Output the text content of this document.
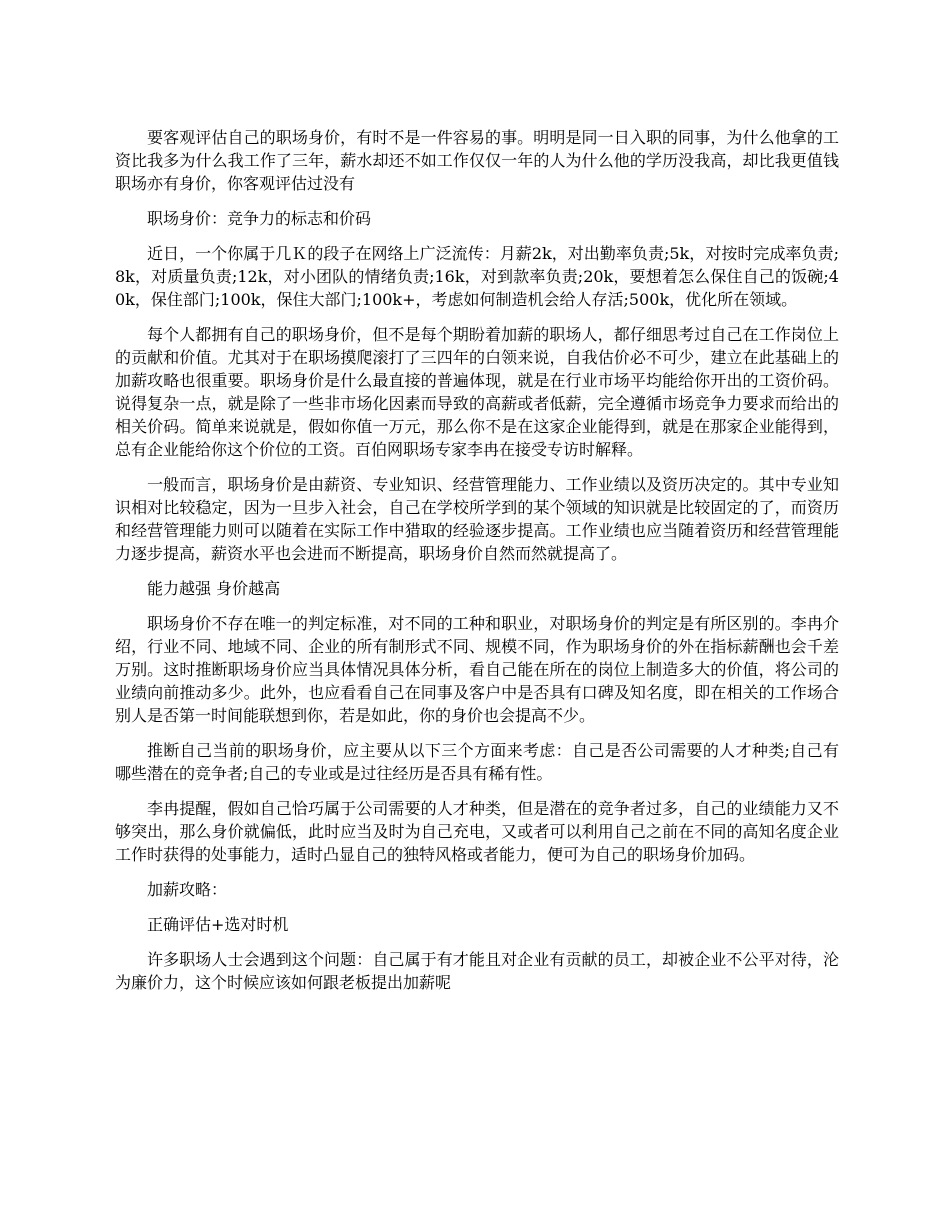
要客观评估自己的职场身价，有时不是一件容易的事。明明是同一日入职的同事，为什么他拿的工资比我多为什么我工作了三年，薪水却还不如工作仅仅一年的人为什么他的学历没我高，却比我更值钱职场亦有身价，你客观评估过没有

职场身价：竞争力的标志和价码

近日，一个你属于几Ｋ的段子在网络上广泛流传：月薪2k，对出勤率负责;5k，对按时完成率负责;8k，对质量负责;12k，对小团队的情绪负责;16k，对到款率负责;20k，要想着怎么保住自己的饭碗;40k，保住部门;100k，保住大部门;100k+，考虑如何制造机会给人存活;500k，优化所在领域。

每个人都拥有自己的职场身价，但不是每个期盼着加薪的职场人，都仔细思考过自己在工作岗位上的贡献和价值。尤其对于在职场摸爬滚打了三四年的白领来说，自我估价必不可少，建立在此基础上的加薪攻略也很重要。职场身价是什么最直接的普遍体现，就是在行业市场平均能给你开出的工资价码。说得复杂一点，就是除了一些非市场化因素而导致的高薪或者低薪，完全遵循市场竞争力要求而给出的相关价码。简单来说就是，假如你值一万元，那么你不是在这家企业能得到，就是在那家企业能得到，总有企业能给你这个价位的工资。百伯网职场专家李冉在接受专访时解释。

一般而言，职场身价是由薪资、专业知识、经营管理能力、工作业绩以及资历决定的。其中专业知识相对比较稳定，因为一旦步入社会，自己在学校所学到的某个领域的知识就是比较固定的了，而资历和经营管理能力则可以随着在实际工作中猎取的经验逐步提高。工作业绩也应当随着资历和经营管理能力逐步提高，薪资水平也会进而不断提高，职场身价自然而然就提高了。

能力越强 身价越高

职场身价不存在唯一的判定标准，对不同的工种和职业，对职场身价的判定是有所区别的。李冉介绍，行业不同、地域不同、企业的所有制形式不同、规模不同，作为职场身价的外在指标薪酬也会千差万别。这时推断职场身价应当具体情况具体分析，看自己能在所在的岗位上制造多大的价值，将公司的业绩向前推动多少。此外，也应看看自己在同事及客户中是否具有口碑及知名度，即在相关的工作场合别人是否第一时间能联想到你，若是如此，你的身价也会提高不少。

推断自己当前的职场身价，应主要从以下三个方面来考虑：自己是否公司需要的人才种类;自己有哪些潜在的竞争者;自己的专业或是过往经历是否具有稀有性。

李冉提醒，假如自己恰巧属于公司需要的人才种类，但是潜在的竞争者过多，自己的业绩能力又不够突出，那么身价就偏低，此时应当及时为自己充电，又或者可以利用自己之前在不同的高知名度企业工作时获得的处事能力，适时凸显自己的独特风格或者能力，便可为自己的职场身价加码。

加薪攻略：

正确评估+选对时机

许多职场人士会遇到这个问题：自己属于有才能且对企业有贡献的员工，却被企业不公平对待，沦为廉价力，这个时候应该如何跟老板提出加薪呢
